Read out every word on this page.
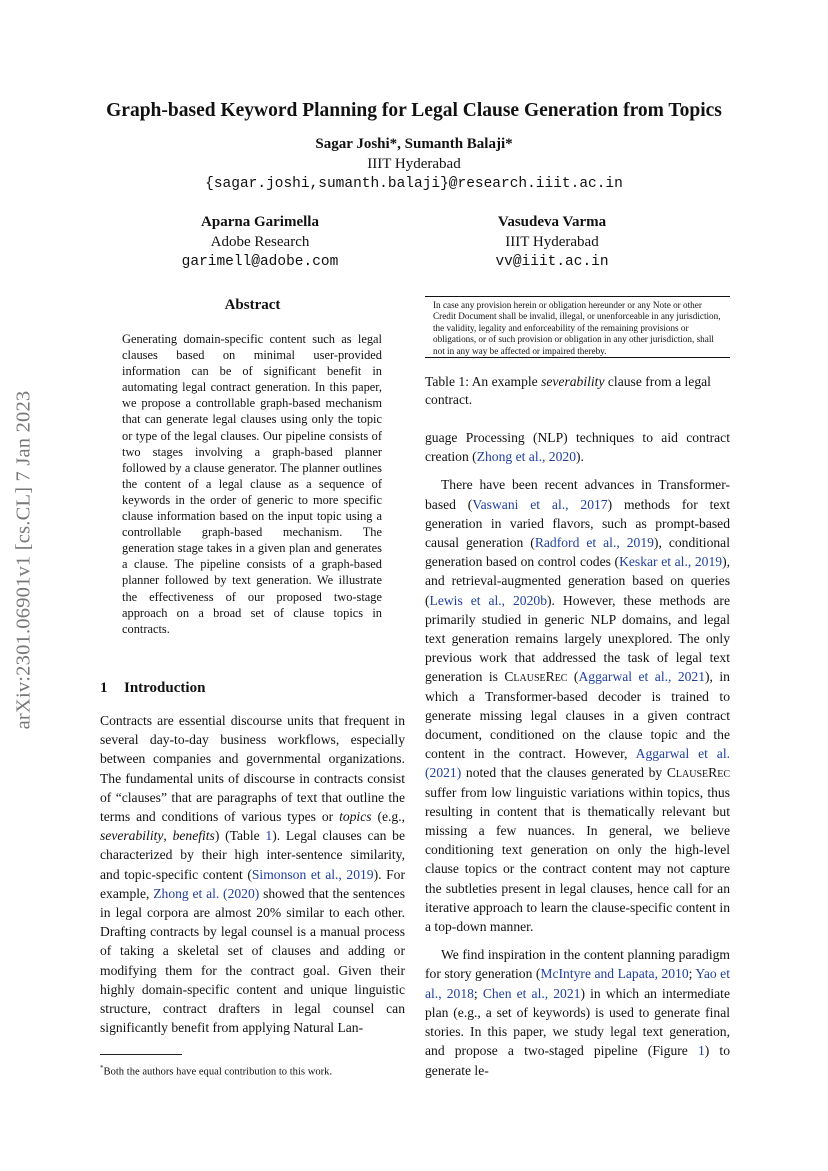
Graph-based Keyword Planning for Legal Clause Generation from Topics
Sagar Joshi*, Sumanth Balaji*
IIIT Hyderabad
{sagar.joshi,sumanth.balaji}@research.iiit.ac.in
Aparna Garimella
Adobe Research
garimell@adobe.com
Vasudeva Varma
IIIT Hyderabad
vv@iiit.ac.in
arXiv:2301.06901v1 [cs.CL] 7 Jan 2023
Abstract
Generating domain-specific content such as legal clauses based on minimal user-provided information can be of significant benefit in automating legal contract generation. In this paper, we propose a controllable graph-based mechanism that can generate legal clauses using only the topic or type of the legal clauses. Our pipeline consists of two stages involving a graph-based planner followed by a clause generator. The planner outlines the content of a legal clause as a sequence of keywords in the order of generic to more specific clause information based on the input topic using a controllable graph-based mechanism. The generation stage takes in a given plan and generates a clause. The pipeline consists of a graph-based planner followed by text generation. We illustrate the effectiveness of our proposed two-stage approach on a broad set of clause topics in contracts.
1 Introduction

Contracts are essential discourse units that frequent in several day-to-day business workflows, especially between companies and governmental organizations. The fundamental units of discourse in contracts consist of “clauses” that are paragraphs of text that outline the terms and conditions of various types or topics (e.g., severability, benefits) (Table 1). Legal clauses can be characterized by their high inter-sentence similarity, and topic-specific content (Simonson et al., 2019). For example, Zhong et al. (2020) showed that the sentences in legal corpora are almost 20% similar to each other. Drafting contracts by legal counsel is a manual process of taking a skeletal set of clauses and adding or modifying them for the contract goal. Given their highly domain-specific content and unique linguistic structure, contract drafters in legal counsel can significantly benefit from applying Natural Lan-

*Both the authors have equal contribution to this work.
In case any provision herein or obligation hereunder or any Note or other Credit Document shall be invalid, illegal, or unenforceable in any jurisdiction, the validity, legality and enforceability of the remaining provisions or obligations, or of such provision or obligation in any other jurisdiction, shall not in any way be affected or impaired thereby.
Table 1: An example severability clause from a legal contract.

guage Processing (NLP) techniques to aid contract creation (Zhong et al., 2020).

There have been recent advances in Transformer-based (Vaswani et al., 2017) methods for text generation in varied flavors, such as prompt-based causal generation (Radford et al., 2019), conditional generation based on control codes (Keskar et al., 2019), and retrieval-augmented generation based on queries (Lewis et al., 2020b). However, these methods are primarily studied in generic NLP domains, and legal text generation remains largely unexplored. The only previous work that addressed the task of legal text generation is ClauseRec (Aggarwal et al., 2021), in which a Transformer-based decoder is trained to generate missing legal clauses in a given contract document, conditioned on the clause topic and the content in the contract. However, Aggarwal et al. (2021) noted that the clauses generated by ClauseRec suffer from low linguistic variations within topics, thus resulting in content that is thematically relevant but missing a few nuances. In general, we believe conditioning text generation on only the high-level clause topics or the contract content may not capture the subtleties present in legal clauses, hence call for an iterative approach to learn the clause-specific content in a top-down manner.

We find inspiration in the content planning paradigm for story generation (McIntyre and Lapata, 2010; Yao et al., 2018; Chen et al., 2021) in which an intermediate plan (e.g., a set of keywords) is used to generate final stories. In this paper, we study legal text generation, and propose a two-staged pipeline (Figure 1) to generate le-
